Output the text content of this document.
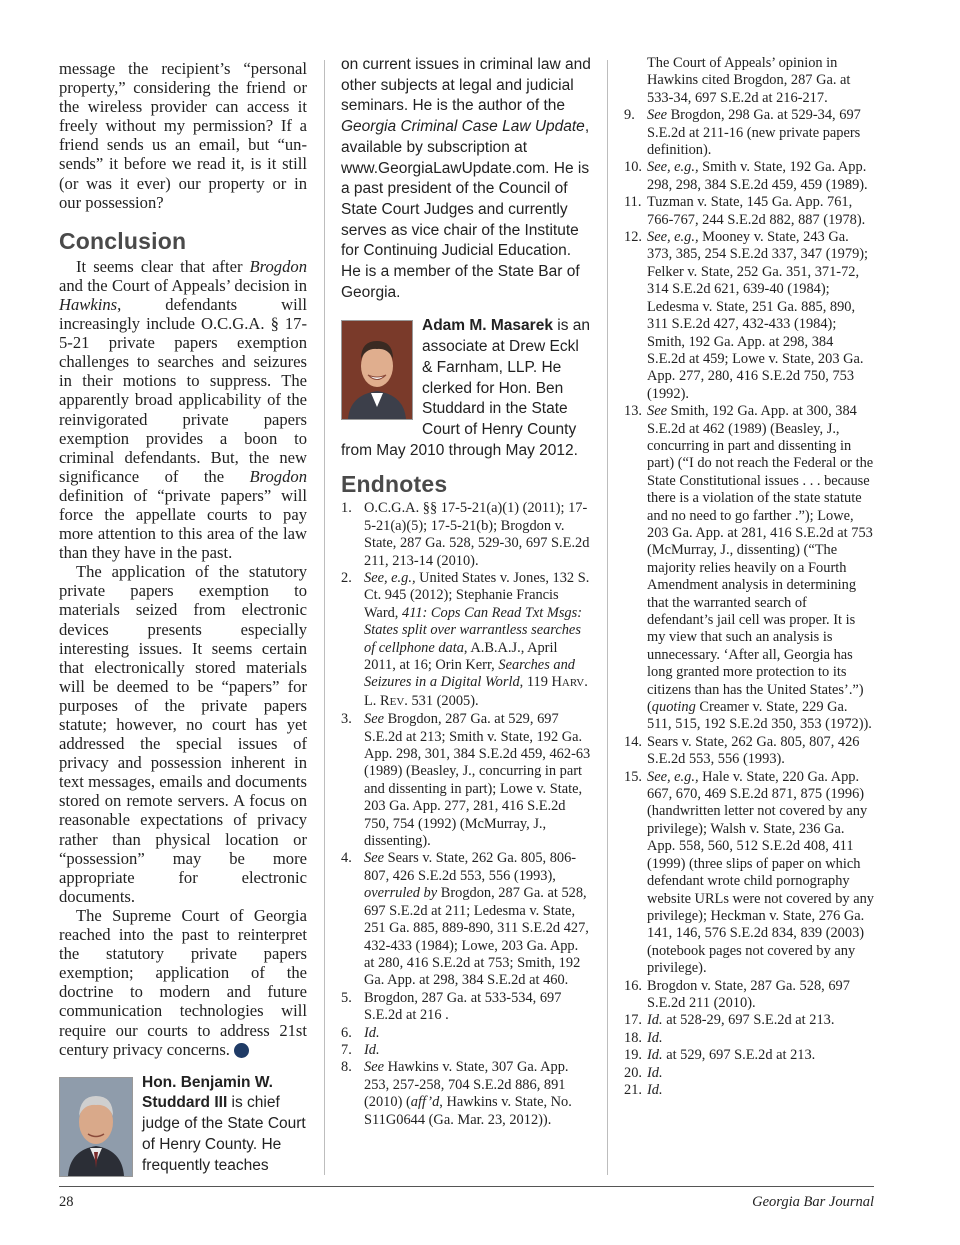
message the recipient’s “personal property,” considering the friend or the wireless provider can access it freely without my permission? If a friend sends us an email, but “un-sends” it before we read it, is it still (or was it ever) our property or in our possession?

Conclusion

It seems clear that after Brogdon and the Court of Appeals’ decision in Hawkins, defendants will increasingly include O.C.G.A. § 17-5-21 private papers exemption challenges to searches and seizures in their motions to suppress. The apparently broad applicability of the reinvigorated private papers exemption provides a boon to criminal defendants. But, the new significance of the Brogdon definition of “private papers” will force the appellate courts to pay more attention to this area of the law than they have in the past.

The application of the statutory private papers exemption to materials seized from electronic devices presents especially interesting issues. It seems certain that electronically stored materials will be deemed to be “papers” for purposes of the private papers statute; however, no court has yet addressed the special issues of privacy and possession inherent in text messages, emails and documents stored on remote servers. A focus on reasonable expectations of privacy rather than physical location or “possession” may be more appropriate for electronic documents.

The Supreme Court of Georgia reached into the past to reinterpret the statutory private papers exemption; application of the doctrine to modern and future communication technologies will require our courts to address 21st century privacy concerns.	GBJ

Hon. Benjamin W. Studdard III is chief judge of the State Court of Henry County. He frequently teaches

on current issues in criminal law and other subjects at legal and judicial seminars. He is the author of the Georgia Criminal Case Law Update, available by subscription at www.GeorgiaLawUpdate.com. He is a past president of the Council of State Court Judges and currently serves as vice chair of the Institute for Continuing Judicial Education. He is a member of the State Bar of Georgia.

Adam M. Masarek is an associate at Drew Eckl & Farnham, LLP. He clerked for Hon. Ben Studdard in the State Court of Henry County from May 2010 through May 2012.

Endnotes
1. O.C.G.A. §§ 17-5-21(a)(1) (2011); 17-5-21(a)(5); 17-5-21(b); Brogdon v. State, 287 Ga. 528, 529-30, 697 S.E.2d 211, 213-14 (2010).
2. See, e.g., United States v. Jones, 132 S. Ct. 945 (2012); Stephanie Francis Ward, 411: Cops Can Read Txt Msgs: States split over warrantless searches of cellphone data, A.B.A.J., April 2011, at 16; Orin Kerr, Searches and Seizures in a Digital World, 119 HARV. L. REV. 531 (2005).
3. See Brogdon, 287 Ga. at 529, 697 S.E.2d at 213; Smith v. State, 192 Ga. App. 298, 301, 384 S.E.2d 459, 462-63 (1989) (Beasley, J., concurring in part and dissenting in part); Lowe v. State, 203 Ga. App. 277, 281, 416 S.E.2d 750, 754 (1992) (McMurray, J., dissenting).
4. See Sears v. State, 262 Ga. 805, 806-807, 426 S.E.2d 553, 556 (1993), overruled by Brogdon, 287 Ga. at 528, 697 S.E.2d at 211; Ledesma v. State, 251 Ga. 885, 889-890, 311 S.E.2d 427, 432-433 (1984); Lowe, 203 Ga. App. at 280, 416 S.E.2d at 753; Smith, 192 Ga. App. at 298, 384 S.E.2d at 460.
5. Brogdon, 287 Ga. at 533-534, 697 S.E.2d at 216 .
6. Id.
7. Id.
8. See Hawkins v. State, 307 Ga. App. 253, 257-258, 704 S.E.2d 886, 891 (2010) (aff’d, Hawkins v. State, No. S11G0644 (Ga. Mar. 23, 2012)).
The Court of Appeals’ opinion in Hawkins cited Brogdon, 287 Ga. at 533-34, 697 S.E.2d at 216-217.
9. See Brogdon, 298 Ga. at 529-34, 697 S.E.2d at 211-16 (new private papers definition).
10. See, e.g., Smith v. State, 192 Ga. App. 298, 298, 384 S.E.2d 459, 459 (1989).
11. Tuzman v. State, 145 Ga. App. 761, 766-767, 244 S.E.2d 882, 887 (1978).
12. See, e.g., Mooney v. State, 243 Ga. 373, 385, 254 S.E.2d 337, 347 (1979); Felker v. State, 252 Ga. 351, 371-72, 314 S.E.2d 621, 639-40 (1984); Ledesma v. State, 251 Ga. 885, 890, 311 S.E.2d 427, 432-433 (1984); Smith, 192 Ga. App. at 298, 384 S.E.2d at 459; Lowe v. State, 203 Ga. App. 277, 280, 416 S.E.2d 750, 753 (1992).
13. See Smith, 192 Ga. App. at 300, 384 S.E.2d at 462 (1989) (Beasley, J., concurring in part and dissenting in part) (“I do not reach the Federal or the State Constitutional issues . . . because there is a violation of the state statute and no need to go farther .”); Lowe, 203 Ga. App. at 281, 416 S.E.2d at 753 (McMurray, J., dissenting) (“The majority relies heavily on a Fourth Amendment analysis in determining that the warranted search of defendant’s jail cell was proper. It is my view that such an analysis is unnecessary. ‘After all, Georgia has long granted more protection to its citizens than has the United States’.”) (quoting Creamer v. State, 229 Ga. 511, 515, 192 S.E.2d 350, 353 (1972)).
14. Sears v. State, 262 Ga. 805, 807, 426 S.E.2d 553, 556 (1993).
15. See, e.g., Hale v. State, 220 Ga. App. 667, 670, 469 S.E.2d 871, 875 (1996) (handwritten letter not covered by any privilege); Walsh v. State, 236 Ga. App. 558, 560, 512 S.E.2d 408, 411 (1999) (three slips of paper on which defendant wrote child pornography website URLs were not covered by any privilege); Heckman v. State, 276 Ga. 141, 146, 576 S.E.2d 834, 839 (2003) (notebook pages not covered by any privilege).
16. Brogdon v. State, 287 Ga. 528, 697 S.E.2d 211 (2010).
17. Id. at 528-29, 697 S.E.2d at 213.
18. Id.
19. Id. at 529, 697 S.E.2d at 213.
20. Id.
21. Id.
28	Georgia Bar Journal
